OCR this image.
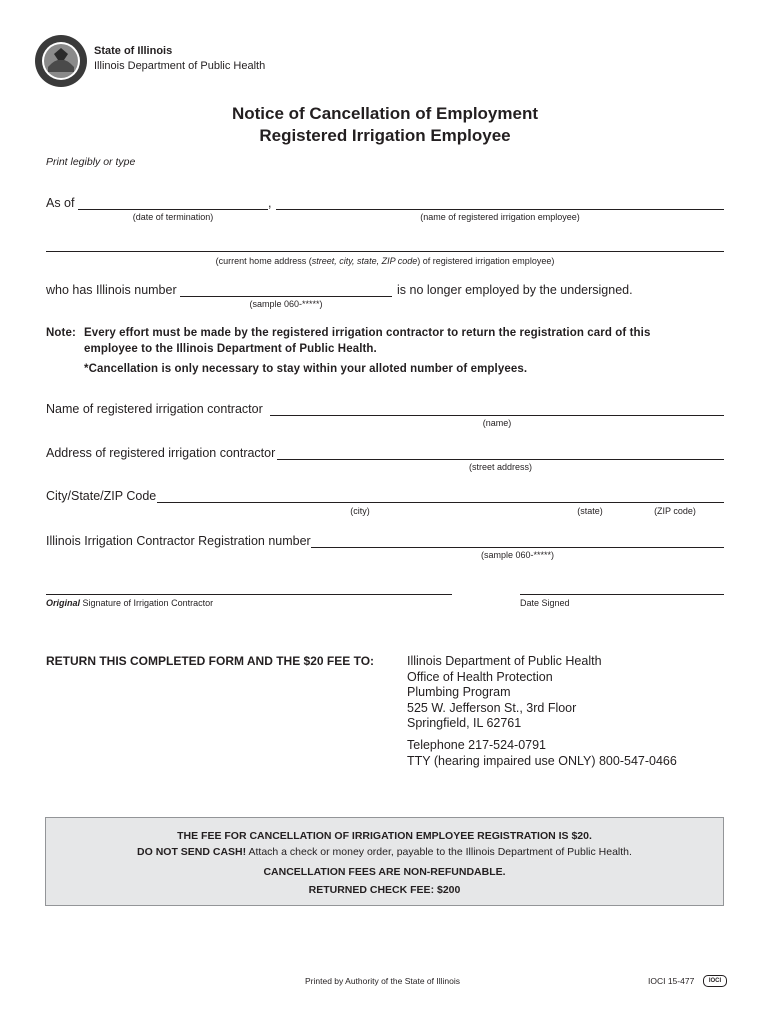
State of Illinois
Illinois Department of Public Health
Notice of Cancellation of Employment
Registered Irrigation Employee
Print legibly or type
As of	,
(date of termination)	(name of registered irrigation employee)
(current home address (street, city, state, ZIP code) of registered irrigation employee)
who has Illinois number	is no longer employed by the undersigned.
(sample 060-*****)
Note: Every effort must be made by the registered irrigation contractor to return the registration card of this
employee to the Illinois Department of Public Health.
*Cancellation is only necessary to stay within your alloted number of emplyees.
Name of registered irrigation contractor
(name)
Address of registered irrigation contractor
(street address)
City/State/ZIP Code
(city)	(state)	(ZIP code)
Illinois Irrigation Contractor Registration number
(sample 060-*****)
Original Signature of Irrigation Contractor	Date Signed
RETURN THIS COMPLETED FORM AND THE $20 FEE TO:	Illinois Department of Public Health
Office of Health Protection
Plumbing Program
525 W. Jefferson St., 3rd Floor
Springfield, IL 62761
Telephone 217-524-0791
TTY (hearing impaired use ONLY) 800-547-0466
THE FEE FOR CANCELLATION OF IRRIGATION EMPLOYEE REGISTRATION IS $20.
DO NOT SEND CASH! Attach a check or money order, payable to the Illinois Department of Public Health.
CANCELLATION FEES ARE NON-REFUNDABLE.
RETURNED CHECK FEE: $200
Printed by Authority of the State of Illinois	IOCI 15-477	IOCI
